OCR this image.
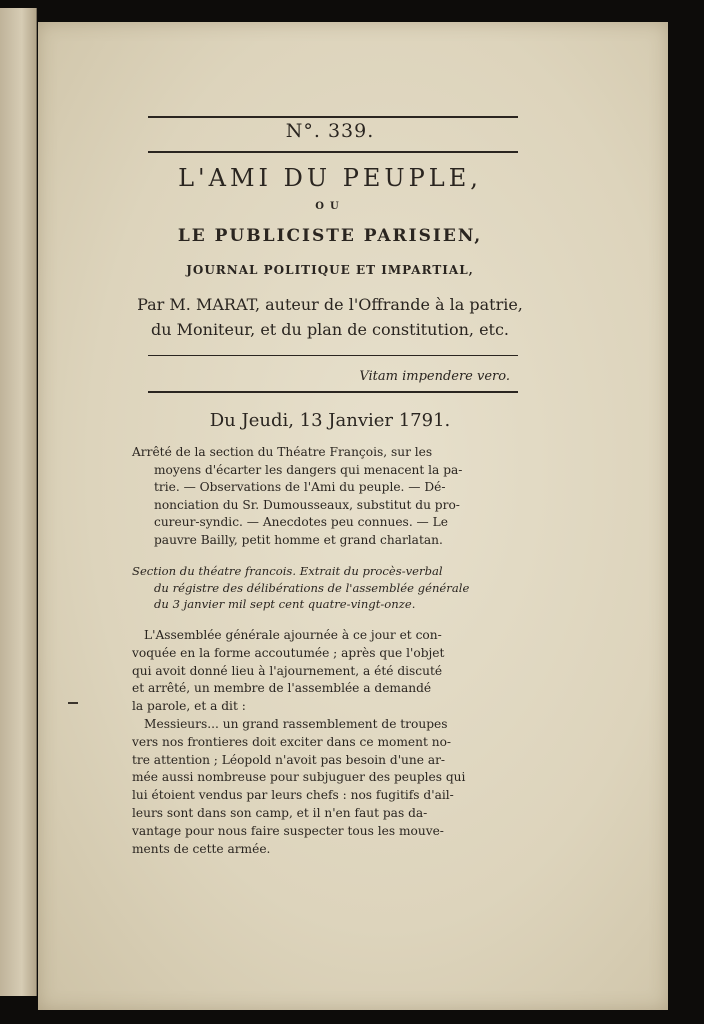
N°. 339.
L'AMI DU PEUPLE,
OU
LE PUBLICISTE PARISIEN,
JOURNAL POLITIQUE ET IMPARTIAL,
Par M. MARAT, auteur de l'Offrande à la patrie,
du Moniteur, et du plan de constitution, etc.
Vitam impendere vero.
Du Jeudi, 13 Janvier 1791.
Arrêté de la section du Théatre François, sur les
moyens d'écarter les dangers qui menacent la pa-
trie. — Observations de l'Ami du peuple. — Dé-
nonciation du Sr. Dumousseaux, substitut du pro-
cureur-syndic. — Anecdotes peu connues. — Le
pauvre Bailly, petit homme et grand charlatan.
Section du théatre francois. Extrait du procès-verbal
du régistre des délibérations de l'assemblée générale
du 3 janvier mil sept cent quatre-vingt-onze.
L'Assemblée générale ajournée à ce jour et con-
voquée en la forme accoutumée ; après que l'objet
qui avoit donné lieu à l'ajournement, a été discuté
et arrêté, un membre de l'assemblée a demandé
la parole, et a dit :
Messieurs... un grand rassemblement de troupes
vers nos frontieres doit exciter dans ce moment no-
tre attention ; Léopold n'avoit pas besoin d'une ar-
mée aussi nombreuse pour subjuguer des peuples qui
lui étoient vendus par leurs chefs : nos fugitifs d'ail-
leurs sont dans son camp, et il n'en faut pas da-
vantage pour nous faire suspecter tous les mouve-
ments de cette armée.
